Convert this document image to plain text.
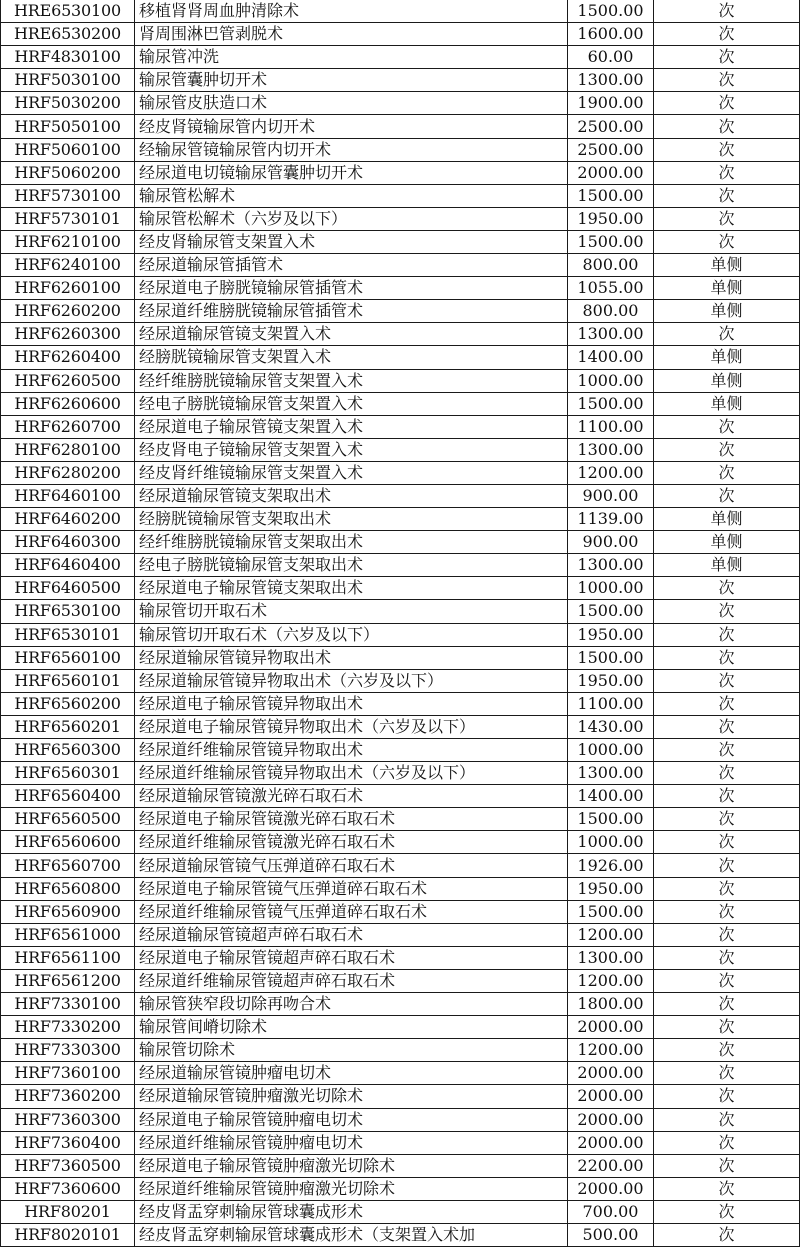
HRE6530100	移植肾肾周血肿清除术	1500.00	次
HRE6530200	肾周围淋巴管剥脱术	1600.00	次
HRF4830100	输尿管冲洗	60.00	次
HRF5030100	输尿管囊肿切开术	1300.00	次
HRF5030200	输尿管皮肤造口术	1900.00	次
HRF5050100	经皮肾镜输尿管内切开术	2500.00	次
HRF5060100	经输尿管镜输尿管内切开术	2500.00	次
HRF5060200	经尿道电切镜输尿管囊肿切开术	2000.00	次
HRF5730100	输尿管松解术	1500.00	次
HRF5730101	输尿管松解术（六岁及以下）	1950.00	次
HRF6210100	经皮肾输尿管支架置入术	1500.00	次
HRF6240100	经尿道输尿管插管术	800.00	单侧
HRF6260100	经尿道电子膀胱镜输尿管插管术	1055.00	单侧
HRF6260200	经尿道纤维膀胱镜输尿管插管术	800.00	单侧
HRF6260300	经尿道输尿管镜支架置入术	1300.00	次
HRF6260400	经膀胱镜输尿管支架置入术	1400.00	单侧
HRF6260500	经纤维膀胱镜输尿管支架置入术	1000.00	单侧
HRF6260600	经电子膀胱镜输尿管支架置入术	1500.00	单侧
HRF6260700	经尿道电子输尿管镜支架置入术	1100.00	次
HRF6280100	经皮肾电子镜输尿管支架置入术	1300.00	次
HRF6280200	经皮肾纤维镜输尿管支架置入术	1200.00	次
HRF6460100	经尿道输尿管镜支架取出术	900.00	次
HRF6460200	经膀胱镜输尿管支架取出术	1139.00	单侧
HRF6460300	经纤维膀胱镜输尿管支架取出术	900.00	单侧
HRF6460400	经电子膀胱镜输尿管支架取出术	1300.00	单侧
HRF6460500	经尿道电子输尿管镜支架取出术	1000.00	次
HRF6530100	输尿管切开取石术	1500.00	次
HRF6530101	输尿管切开取石术（六岁及以下）	1950.00	次
HRF6560100	经尿道输尿管镜异物取出术	1500.00	次
HRF6560101	经尿道输尿管镜异物取出术（六岁及以下）	1950.00	次
HRF6560200	经尿道电子输尿管镜异物取出术	1100.00	次
HRF6560201	经尿道电子输尿管镜异物取出术（六岁及以下）	1430.00	次
HRF6560300	经尿道纤维输尿管镜异物取出术	1000.00	次
HRF6560301	经尿道纤维输尿管镜异物取出术（六岁及以下）	1300.00	次
HRF6560400	经尿道输尿管镜激光碎石取石术	1400.00	次
HRF6560500	经尿道电子输尿管镜激光碎石取石术	1500.00	次
HRF6560600	经尿道纤维输尿管镜激光碎石取石术	1000.00	次
HRF6560700	经尿道输尿管镜气压弹道碎石取石术	1926.00	次
HRF6560800	经尿道电子输尿管镜气压弹道碎石取石术	1950.00	次
HRF6560900	经尿道纤维输尿管镜气压弹道碎石取石术	1500.00	次
HRF6561000	经尿道输尿管镜超声碎石取石术	1200.00	次
HRF6561100	经尿道电子输尿管镜超声碎石取石术	1300.00	次
HRF6561200	经尿道纤维输尿管镜超声碎石取石术	1200.00	次
HRF7330100	输尿管狭窄段切除再吻合术	1800.00	次
HRF7330200	输尿管间嵴切除术	2000.00	次
HRF7330300	输尿管切除术	1200.00	次
HRF7360100	经尿道输尿管镜肿瘤电切术	2000.00	次
HRF7360200	经尿道输尿管镜肿瘤激光切除术	2000.00	次
HRF7360300	经尿道电子输尿管镜肿瘤电切术	2000.00	次
HRF7360400	经尿道纤维输尿管镜肿瘤电切术	2000.00	次
HRF7360500	经尿道电子输尿管镜肿瘤激光切除术	2200.00	次
HRF7360600	经尿道纤维输尿管镜肿瘤激光切除术	2000.00	次
HRF80201	经皮肾盂穿刺输尿管球囊成形术	700.00	次
HRF8020101	经皮肾盂穿刺输尿管球囊成形术（支架置入术加	500.00	次
